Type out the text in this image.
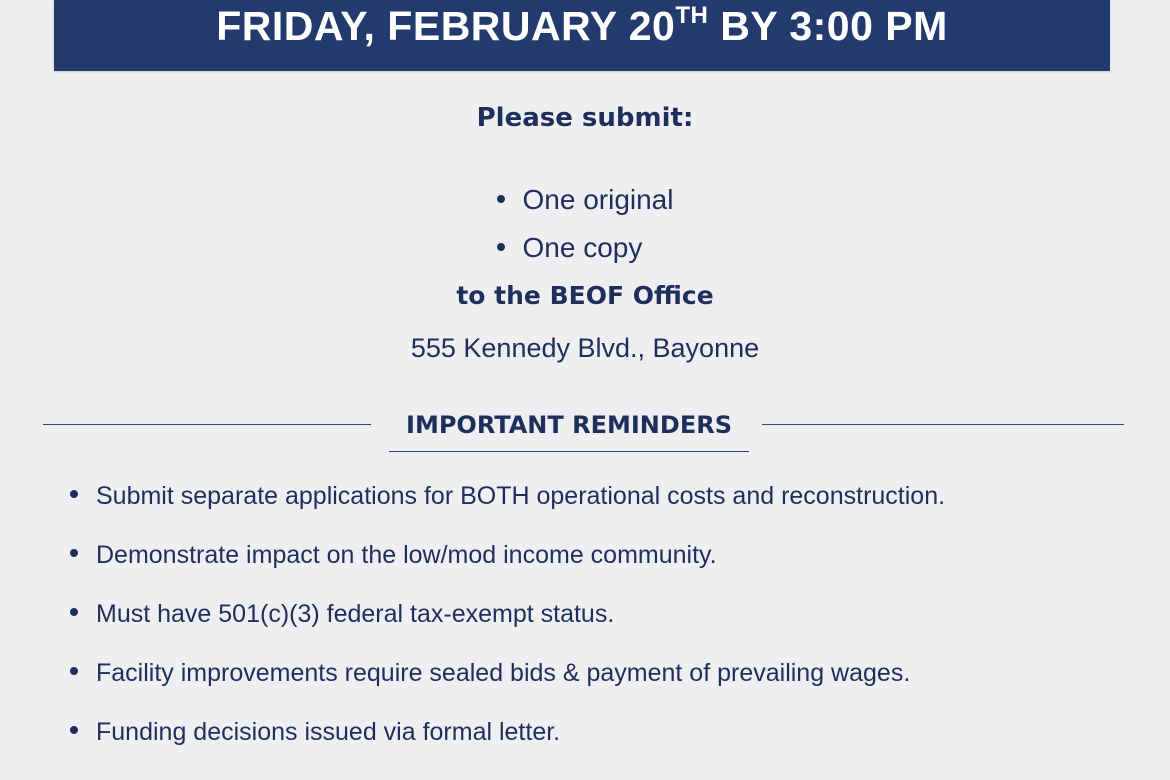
FRIDAY, FEBRUARY 20TH BY 3:00 PM
Please submit:

One original
One copy
to the BEOF Office
555 Kennedy Blvd., Bayonne
IMPORTANT REMINDERS
Submit separate applications for BOTH operational costs and reconstruction.
Demonstrate impact on the low/mod income community.
Must have 501(c)(3) federal tax-exempt status.
Facility improvements require sealed bids & payment of prevailing wages.
Funding decisions issued via formal letter.
